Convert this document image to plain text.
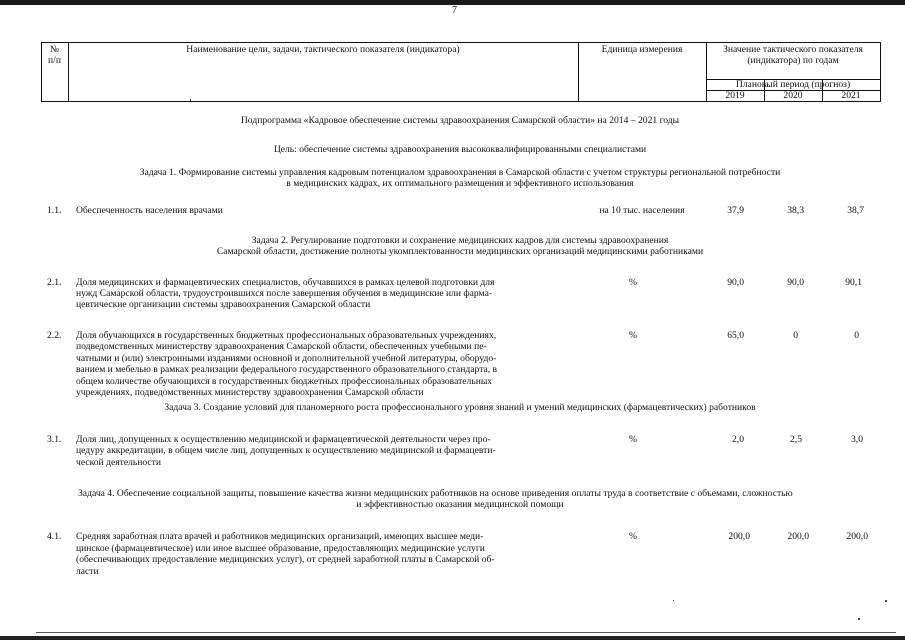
7
№
п/п
Наименование цели, задачи, тактического показателя (индикатора)	Единица измерения	Значение тактического показателя
(индикатора) по годам
Плановый период (прогноз)
2019	2020	2021
Подпрограмма «Кадровое обеспечение системы здравоохранения Самарской области» на 2014 – 2021 годы
Цель: обеспечение системы здравоохранения высококвалифицированными специалистами
Задача 1. Формирование системы управления кадровым потенциалом здравоохранения в Самарской области с учетом структуры региональной потребности
в медицинских кадрах, их оптимального размещения и эффективного использования
1.1. Обеспеченность населения врачами	на 10 тыс. населения	37,9	38,3	38,7
Задача 2. Регулирование подготовки и сохранение медицинских кадров для системы здравоохранения
Самарской области, достижение полноты укомплектованности медицинских организаций медицинскими работниками
2.1. Доля медицинских и фармацевтических специалистов, обучавшихся в рамках целевой подготовки для
нужд Самарской области, трудоустроившихся после завершения обучения в медицинские или фарма-
цевтические организации системы здравоохранения Самарской области
%	90,0	90,0	90,1
2.2. Доля обучающихся в государственных бюджетных профессиональных образовательных учреждениях,
подведомственных министерству здравоохранения Самарской области, обеспеченных учебными пе-
чатными и (или) электронными изданиями основной и дополнительной учебной литературы, оборудо-
ванием и мебелью в рамках реализации федерального государственного образовательного стандарта, в
общем количестве обучающихся в государственных бюджетных профессиональных образовательных
учреждениях, подведомственных министерству здравоохранения Самарской области
%	65,0	0	0
Задача 3. Создание условий для планомерного роста профессионального уровня знаний и умений медицинских (фармацевтических) работников
3.1. Доля лиц, допущенных к осуществлению медицинской и фармацевтической деятельности через про-
цедуру аккредитации, в общем числе лиц, допущенных к осуществлению медицинской и фармацевти-
ческой деятельности
%	2,0	2,5	3,0
Задача 4. Обеспечение социальной защиты, повышение качества жизни медицинских работников на основе приведения оплаты труда в соответствие с объемами, сложностью
и эффективностью оказания медицинской помощи
4.1. Средняя заработная плата врачей и работников медицинских организаций, имеющих высшее меди-
цинское (фармацевтическое) или иное высшее образование, предоставляющих медицинские услуги
(обеспечивающих предоставление медицинских услуг), от средней заработной платы в Самарской об-
ласти
%	200,0	200,0	200,0
